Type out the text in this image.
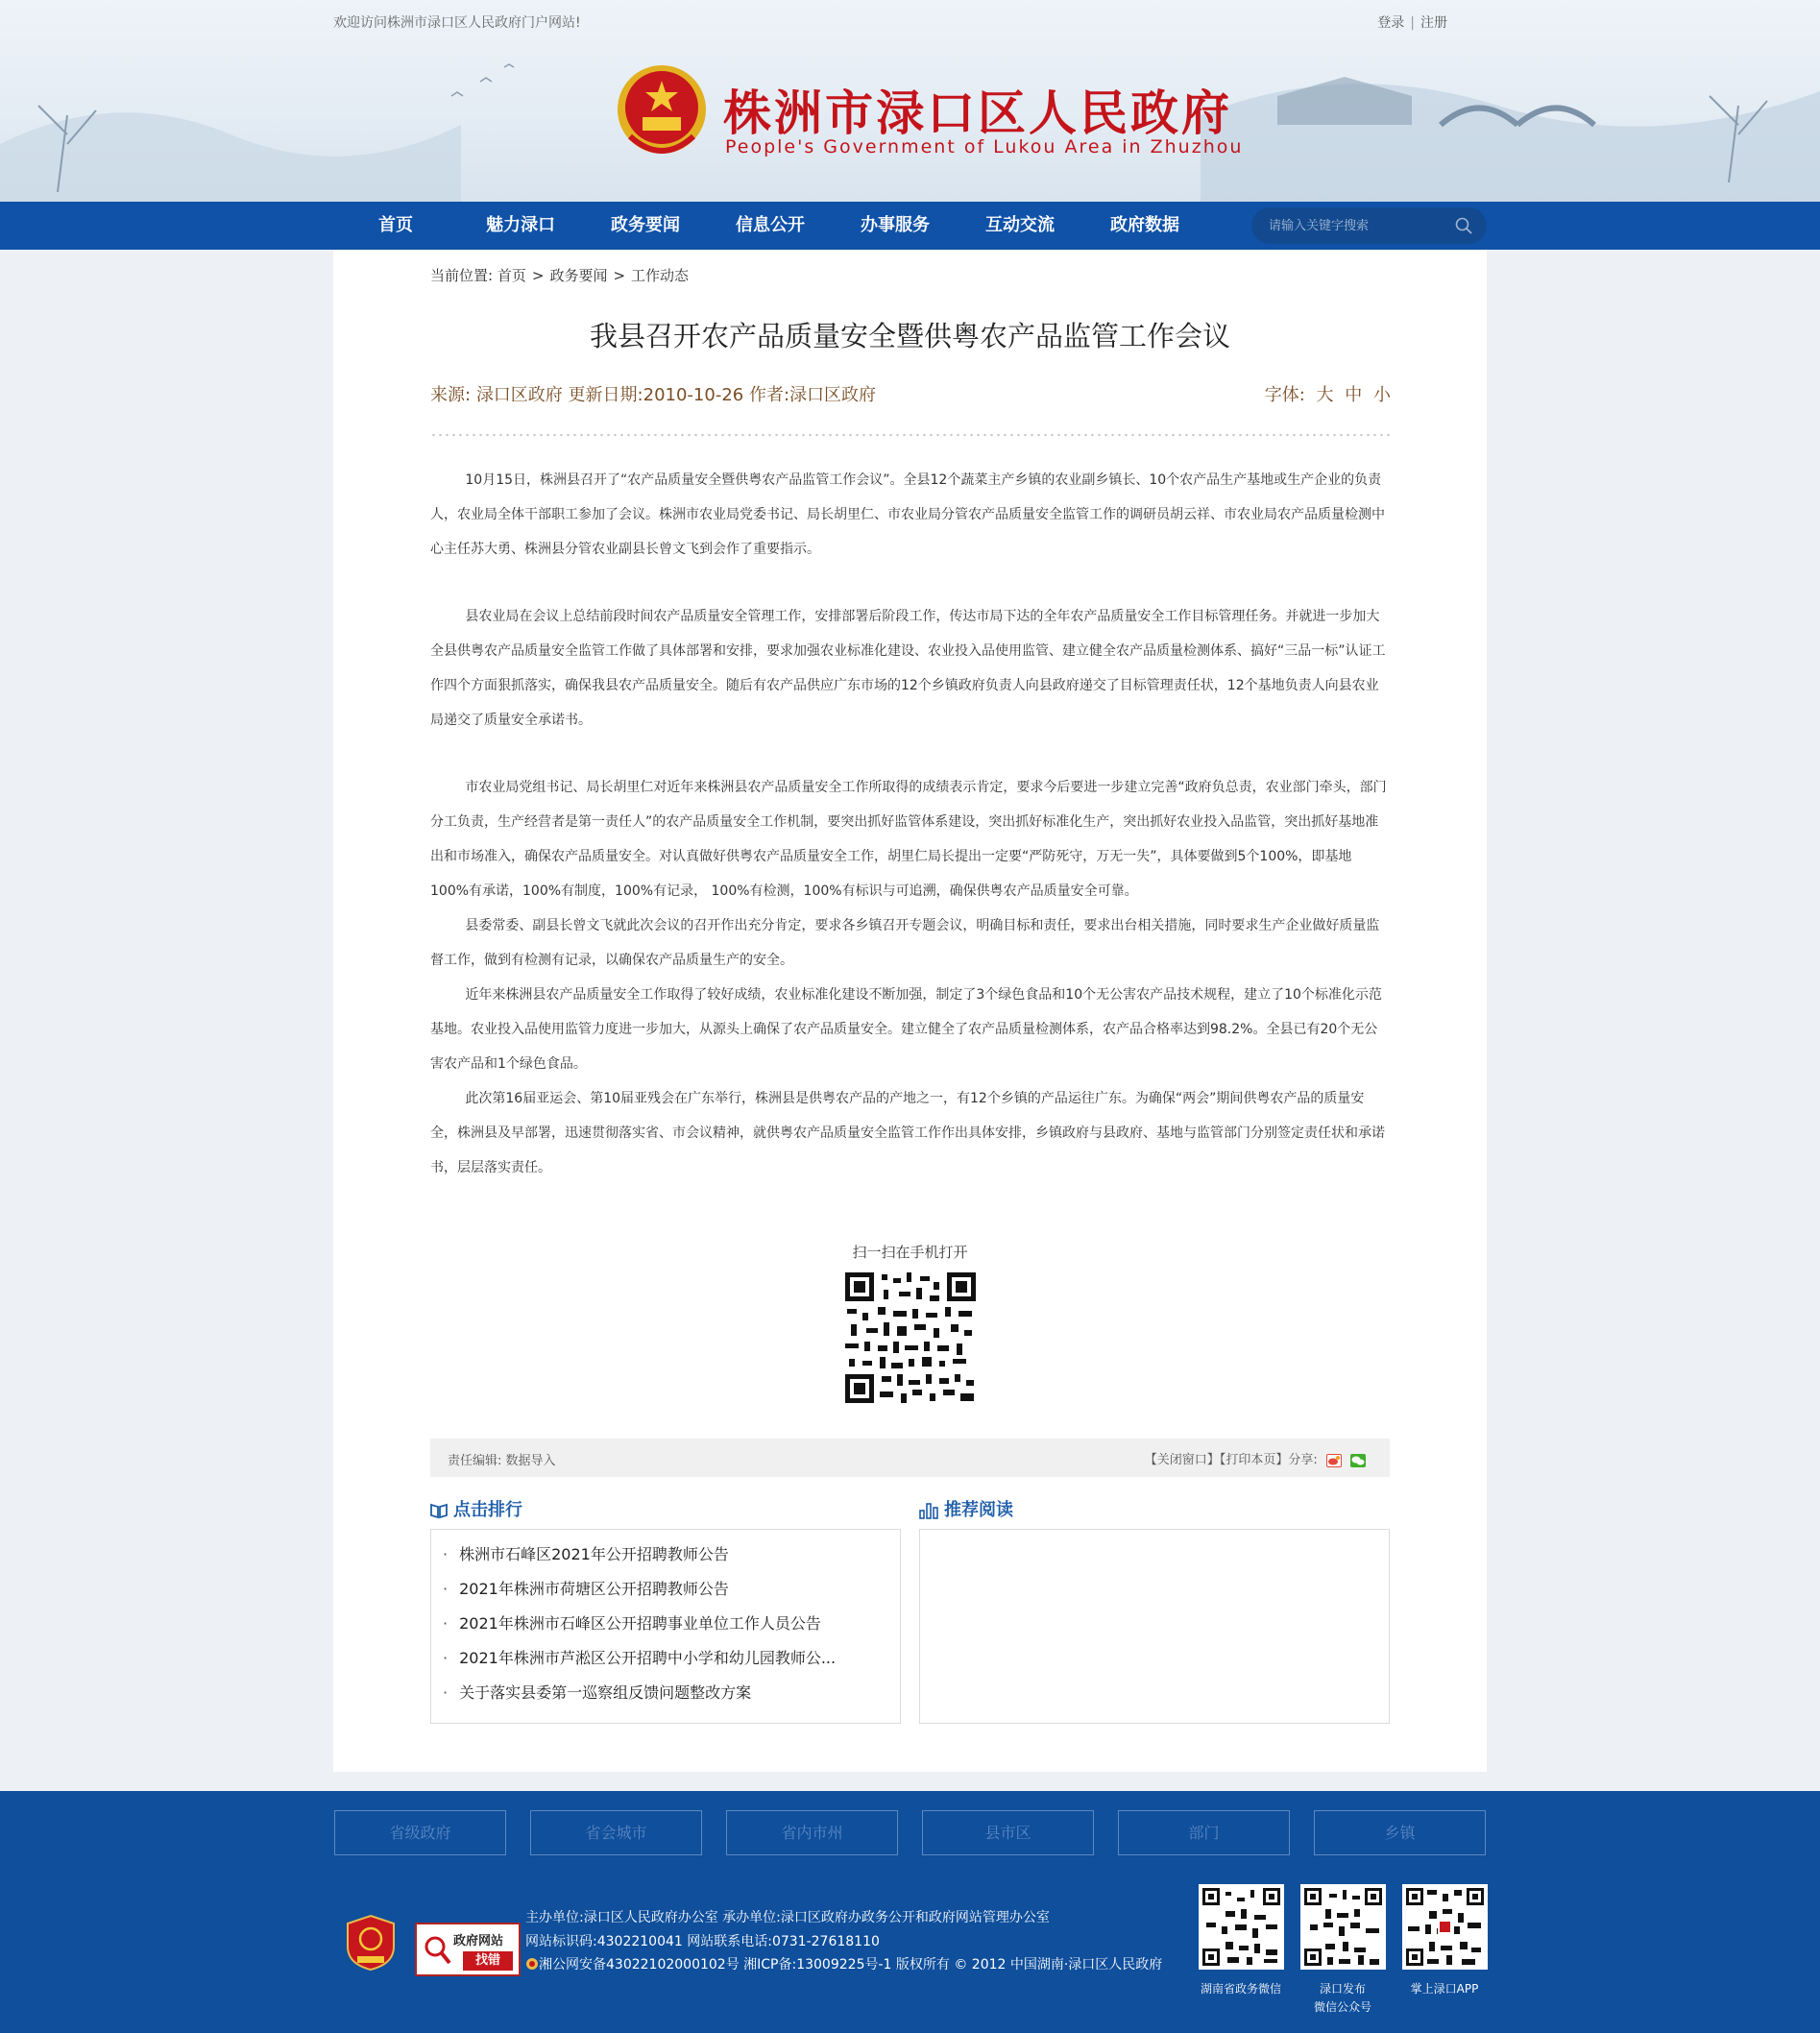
欢迎访问株洲市渌口区人民政府门户网站!	登录 | 注册
株洲市渌口区人民政府
People's Government of Lukou Area in Zhuzhou
首页	魅力渌口	政务要闻	信息公开	办事服务	互动交流	政府数据
请输入关键字搜索
当前位置: 首页 > 政务要闻 > 工作动态
我县召开农产品质量安全暨供粤农产品监管工作会议
来源: 渌口区政府 更新日期:2010-10-26 作者:渌口区政府	字体: 大 中 小

10月15日，株洲县召开了“农产品质量安全暨供粤农产品监管工作会议”。全县12个蔬菜主产乡镇的农业副乡镇长、10个农产品生产基地或生产企业的负责人，农业局全体干部职工参加了会议。株洲市农业局党委书记、局长胡里仁、市农业局分管农产品质量安全监管工作的调研员胡云祥、市农业局农产品质量检测中心主任苏大勇、株洲县分管农业副县长曾文飞到会作了重要指示。

县农业局在会议上总结前段时间农产品质量安全管理工作，安排部署后阶段工作，传达市局下达的全年农产品质量安全工作目标管理任务。并就进一步加大全县供粤农产品质量安全监管工作做了具体部署和安排，要求加强农业标准化建设、农业投入品使用监管、建立健全农产品质量检测体系、搞好“三品一标”认证工作四个方面狠抓落实，确保我县农产品质量安全。随后有农产品供应广东市场的12个乡镇政府负责人向县政府递交了目标管理责任状，12个基地负责人向县农业局递交了质量安全承诺书。

市农业局党组书记、局长胡里仁对近年来株洲县农产品质量安全工作所取得的成绩表示肯定，要求今后要进一步建立完善“政府负总责，农业部门牵头，部门分工负责，生产经营者是第一责任人”的农产品质量安全工作机制，要突出抓好监管体系建设，突出抓好标准化生产，突出抓好农业投入品监管，突出抓好基地准出和市场准入，确保农产品质量安全。对认真做好供粤农产品质量安全工作，胡里仁局长提出一定要“严防死守，万无一失”，具体要做到5个100%，即基地100%有承诺，100%有制度，100%有记录， 100%有检测，100%有标识与可追溯，确保供粤农产品质量安全可靠。

县委常委、副县长曾文飞就此次会议的召开作出充分肯定，要求各乡镇召开专题会议，明确目标和责任，要求出台相关措施，同时要求生产企业做好质量监督工作，做到有检测有记录，以确保农产品质量生产的安全。

近年来株洲县农产品质量安全工作取得了较好成绩，农业标准化建设不断加强，制定了3个绿色食品和10个无公害农产品技术规程，建立了10个标准化示范基地。农业投入品使用监管力度进一步加大，从源头上确保了农产品质量安全。建立健全了农产品质量检测体系，农产品合格率达到98.2%。全县已有20个无公害农产品和1个绿色食品。

此次第16届亚运会、第10届亚残会在广东举行，株洲县是供粤农产品的产地之一，有12个乡镇的产品运往广东。为确保“两会”期间供粤农产品的质量安全，株洲县及早部署，迅速贯彻落实省、市会议精神，就供粤农产品质量安全监管工作作出具体安排，乡镇政府与县政府、基地与监管部门分别签定责任状和承诺书，层层落实责任。

扫一扫在手机打开
责任编辑: 数据导入	【关闭窗口】【打印本页】分享:
点击排行
· 株洲市石峰区2021年公开招聘教师公告
· 2021年株洲市荷塘区公开招聘教师公告
· 2021年株洲市石峰区公开招聘事业单位工作人员公告
· 2021年株洲市芦淞区公开招聘中小学和幼儿园教师公...
· 关于落实县委第一巡察组反馈问题整改方案
推荐阅读
省级政府	省会城市	省内市州	县市区	部门	乡镇
政府网站
找错
主办单位:渌口区人民政府办公室 承办单位:渌口区政府办政务公开和政府网站管理办公室
网站标识码:4302210041 网站联系电话:0731-27618110
湘公网安备43022102000102号 湘ICP备:13009225号-1 版权所有 © 2012 中国湖南·渌口区人民政府
湖南省政务微信	渌口发布
微信公众号
掌上渌口APP
